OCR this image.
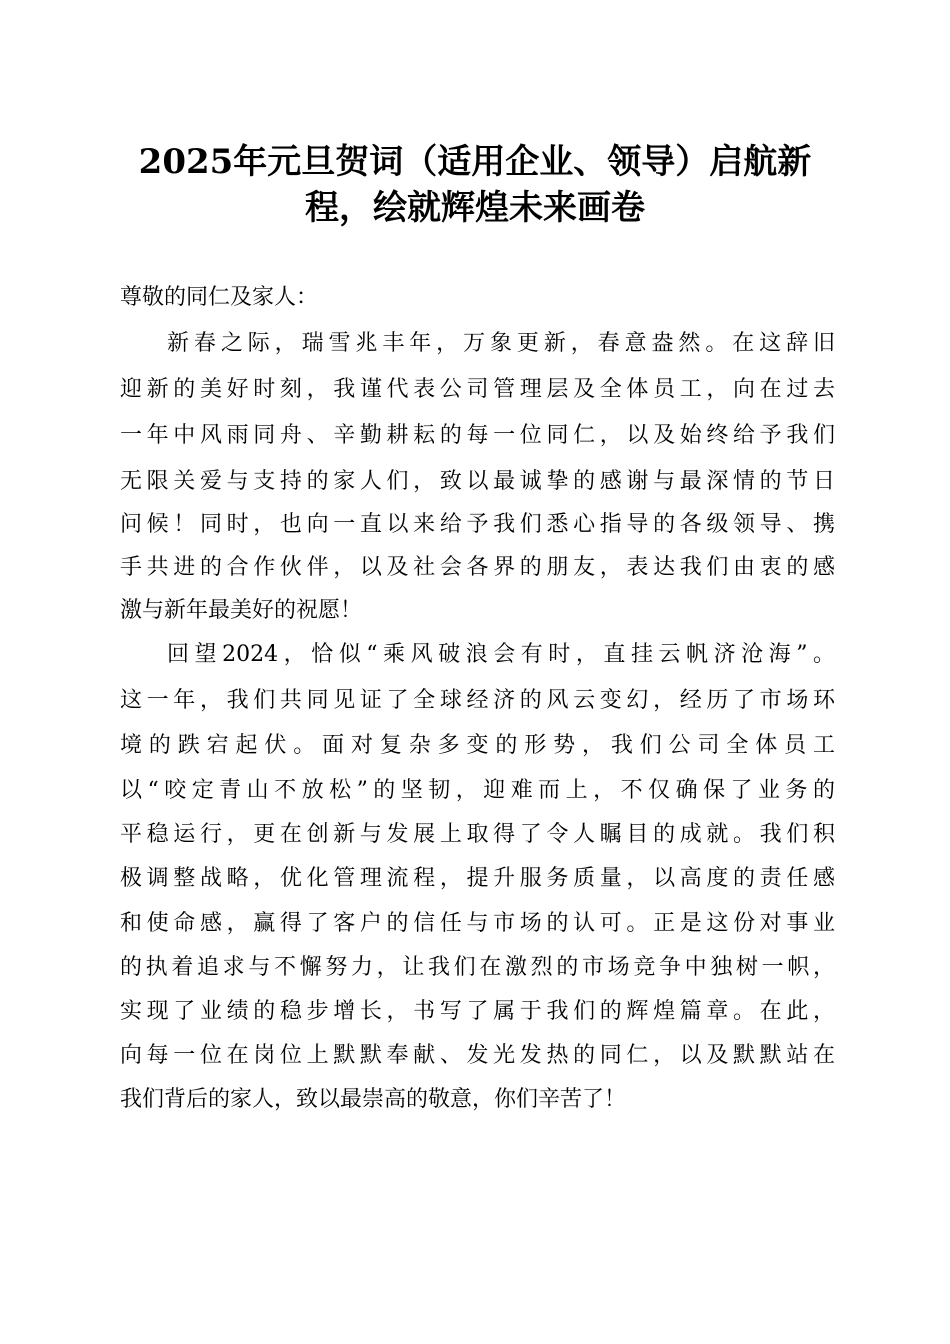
2025年元旦贺词（适用企业、领导）启航新
程，绘就辉煌未来画卷

尊敬的同仁及家人：

新春之际，瑞雪兆丰年，万象更新，春意盎然。在这辞旧

迎新的美好时刻，我谨代表公司管理层及全体员工，向在过去

一年中风雨同舟、辛勤耕耘的每一位同仁，以及始终给予我们

无限关爱与支持的家人们，致以最诚挚的感谢与最深情的节日

问候！同时，也向一直以来给予我们悉心指导的各级领导、携

手共进的合作伙伴，以及社会各界的朋友，表达我们由衷的感

激与新年最美好的祝愿！

回望2024，恰似“乘风破浪会有时，直挂云帆济沧海”。

这一年，我们共同见证了全球经济的风云变幻，经历了市场环

境的跌宕起伏。面对复杂多变的形势，我们公司全体员工

以“咬定青山不放松”的坚韧，迎难而上，不仅确保了业务的

平稳运行，更在创新与发展上取得了令人瞩目的成就。我们积

极调整战略，优化管理流程，提升服务质量，以高度的责任感

和使命感，赢得了客户的信任与市场的认可。正是这份对事业

的执着追求与不懈努力，让我们在激烈的市场竞争中独树一帜，

实现了业绩的稳步增长，书写了属于我们的辉煌篇章。在此，

向每一位在岗位上默默奉献、发光发热的同仁，以及默默站在

我们背后的家人，致以最崇高的敬意，你们辛苦了！
